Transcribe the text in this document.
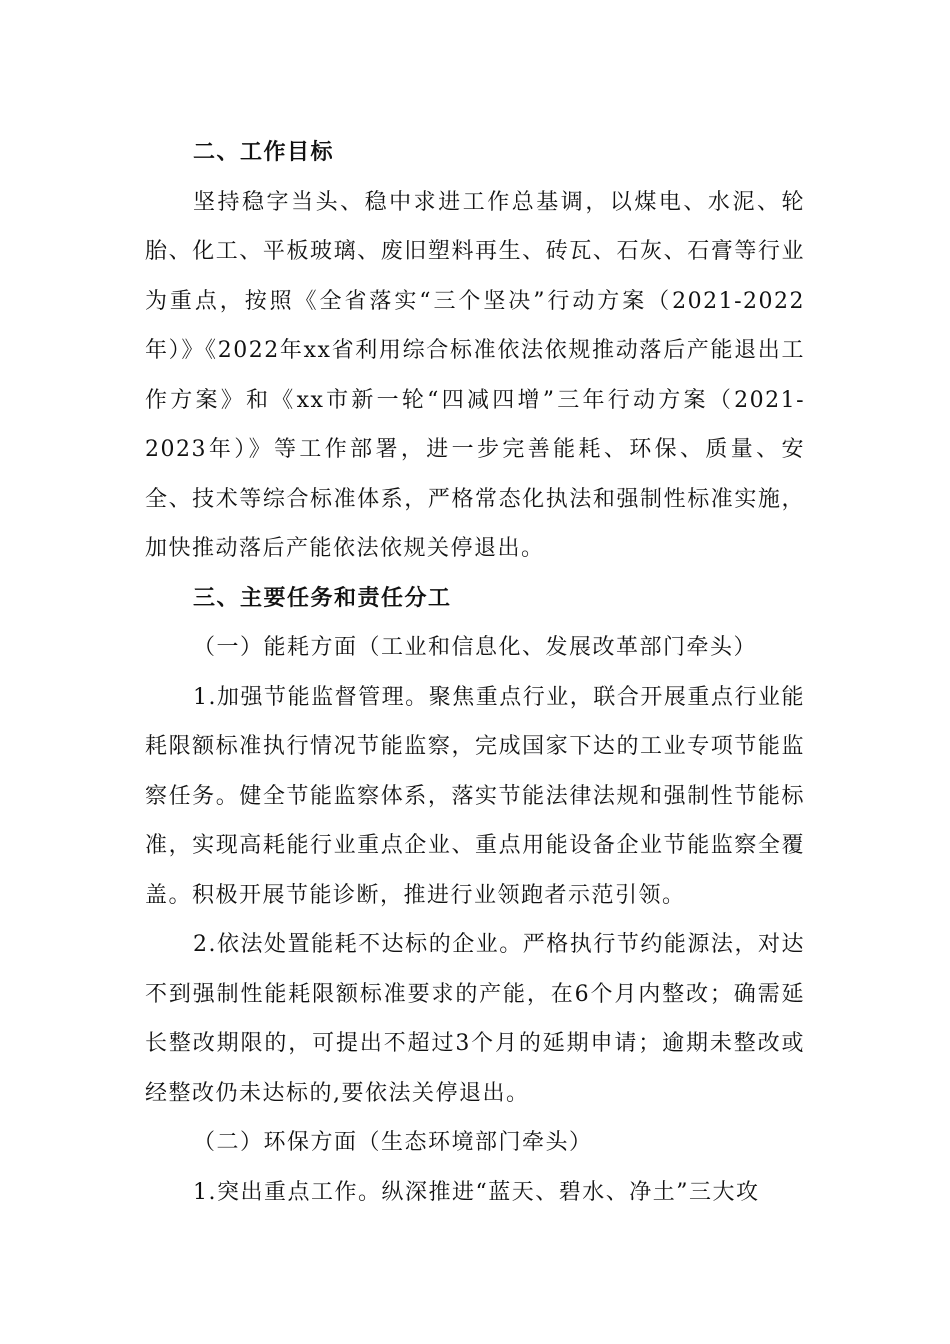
二、工作目标

坚持稳字当头、稳中求进工作总基调，以煤电、水泥、轮胎、化工、平板玻璃、废旧塑料再生、砖瓦、石灰、石膏等行业为重点，按照《全省落实“三个坚决”行动方案（2021-2022年）》《2022年xx省利用综合标准依法依规推动落后产能退出工作方案》和《xx市新一轮“四减四增”三年行动方案（2021-2023年）》等工作部署，进一步完善能耗、环保、质量、安全、技术等综合标准体系，严格常态化执法和强制性标准实施，加快推动落后产能依法依规关停退出。

三、主要任务和责任分工

（一）能耗方面（工业和信息化、发展改革部门牵头）

1.加强节能监督管理。聚焦重点行业，联合开展重点行业能耗限额标准执行情况节能监察，完成国家下达的工业专项节能监察任务。健全节能监察体系，落实节能法律法规和强制性节能标准，实现高耗能行业重点企业、重点用能设备企业节能监察全覆盖。积极开展节能诊断，推进行业领跑者示范引领。

2.依法处置能耗不达标的企业。严格执行节约能源法，对达不到强制性能耗限额标准要求的产能，在6个月内整改；确需延长整改期限的，可提出不超过3个月的延期申请；逾期未整改或经整改仍未达标的,要依法关停退出。

（二）环保方面（生态环境部门牵头）

1.突出重点工作。纵深推进“蓝天、碧水、净土”三大攻
